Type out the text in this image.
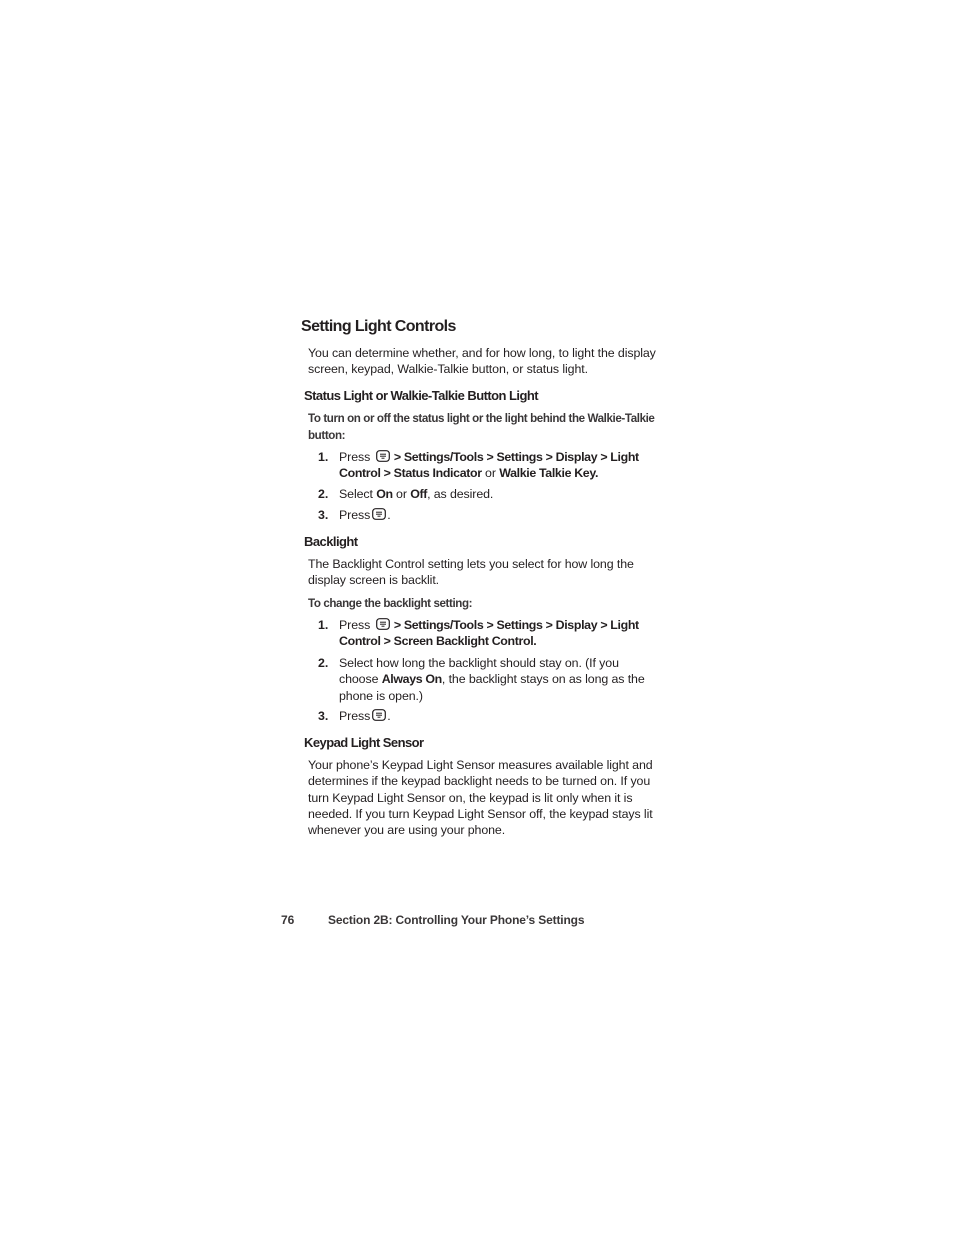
Setting Light Controls

You can determine whether, and for how long, to light the display screen, keypad, Walkie-Talkie button, or status light.

Status Light or Walkie-Talkie Button Light

To turn on or off the status light or the light behind the Walkie-Talkie button:

1. Press > Settings/Tools > Settings > Display > Light Control > Status Indicator or Walkie Talkie Key.

2. Select On or Off, as desired.

3. Press .

Backlight

The Backlight Control setting lets you select for how long the display screen is backlit.

To change the backlight setting:

1. Press > Settings/Tools > Settings > Display > Light Control > Screen Backlight Control.

2. Select how long the backlight should stay on. (If you choose Always On, the backlight stays on as long as the phone is open.)

3. Press .

Keypad Light Sensor

Your phone’s Keypad Light Sensor measures available light and determines if the keypad backlight needs to be turned on. If you turn Keypad Light Sensor on, the keypad is lit only when it is needed. If you turn Keypad Light Sensor off, the keypad stays lit whenever you are using your phone.

76	Section 2B: Controlling Your Phone’s Settings
